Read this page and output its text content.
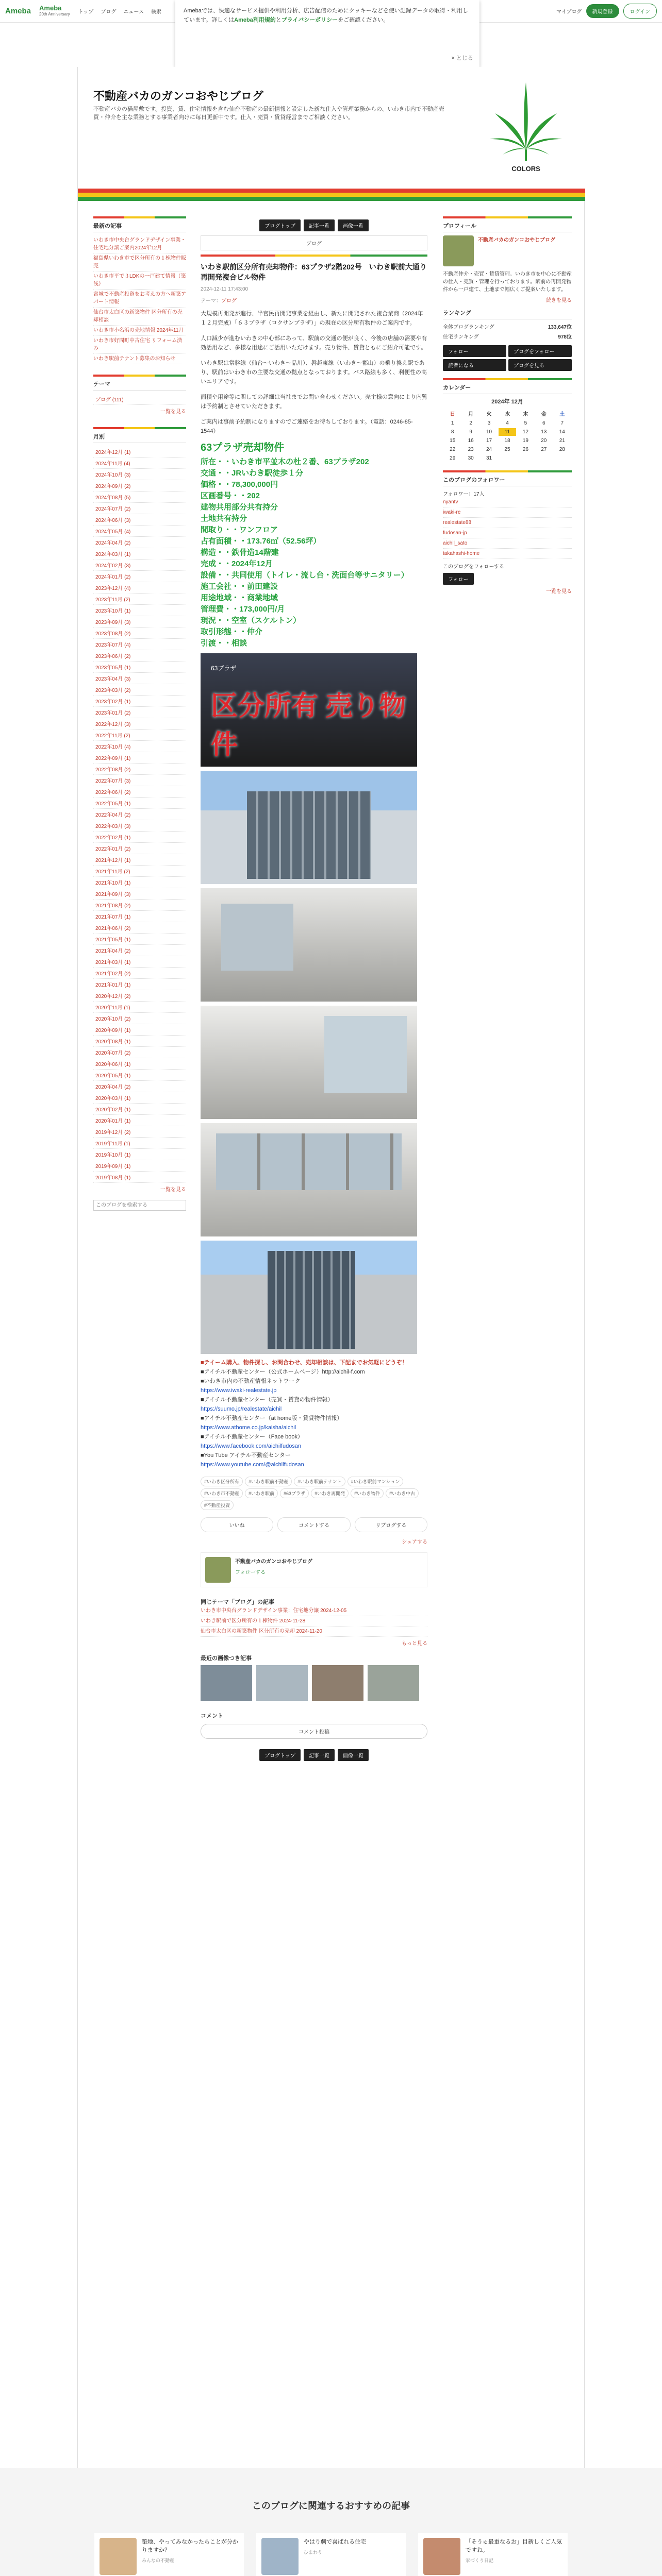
Ameba Ameba
20th Anniversary トップ ブログ ニュース 検索	マイブログ	新規登録	ログイン
Amebaでは、快適なサービス提供や利用分析、広告配信のためにクッキーなどを使い記録データの取得・利用しています。詳しくはAmeba利用規約とプライバシーポリシーをご確認ください。
× とじる
不動産バカのガンコおやじブログ
不動産バカの猫屋敷です。投資、賃、住宅情報を含む仙台不動産の最新情報と設定した新な仕入や管理業務からの、いわき市内で不動産売買・仲介を主な業務とする事業者向けに毎日更新中です。仕入・売買・賃貸経営までご相談ください。
COLORS
最新の記事
いわき市中央台グランドデザイン事業・住宅地分譲ご案内2024年12月
福島県いわき市で区分所有の１棟物件販売
いわき市平で３LDKの一戸建て情報（築浅）
宮城で不動産投資をお考えの方へ新築アパート情報
仙台市太白区の新築物件 区分所有の売却相談
いわき市小名浜の売地情報 2024年11月
いわき市好間町中古住宅 リフォーム済み
いわき駅前テナント募集のお知らせ
テーマ
ブログ (111)
一覧を見る
月別
2024年12月 (1)
2024年11月 (4)
2024年10月 (3)
2024年09月 (2)
2024年08月 (5)
2024年07月 (2)
2024年06月 (3)
2024年05月 (4)
2024年04月 (2)
2024年03月 (1)
2024年02月 (3)
2024年01月 (2)
2023年12月 (4)
2023年11月 (2)
2023年10月 (1)
2023年09月 (3)
2023年08月 (2)
2023年07月 (4)
2023年06月 (2)
2023年05月 (1)
2023年04月 (3)
2023年03月 (2)
2023年02月 (1)
2023年01月 (2)
2022年12月 (3)
2022年11月 (2)
2022年10月 (4)
2022年09月 (1)
2022年08月 (2)
2022年07月 (3)
2022年06月 (2)
2022年05月 (1)
2022年04月 (2)
2022年03月 (3)
2022年02月 (1)
2022年01月 (2)
2021年12月 (1)
2021年11月 (2)
2021年10月 (1)
2021年09月 (3)
2021年08月 (2)
2021年07月 (1)
2021年06月 (2)
2021年05月 (1)
2021年04月 (2)
2021年03月 (1)
2021年02月 (2)
2021年01月 (1)
2020年12月 (2)
2020年11月 (1)
2020年10月 (2)
2020年09月 (1)
2020年08月 (1)
2020年07月 (2)
2020年06月 (1)
2020年05月 (1)
2020年04月 (2)
2020年03月 (1)
2020年02月 (1)
2020年01月 (1)
2019年12月 (2)
2019年11月 (1)
2019年10月 (1)
2019年09月 (1)
2019年08月 (1)
一覧を見る
このブログを検索する
ブログトップ	記事一覧	画像一覧
ブログ
いわき駅前区分所有売却物件：63プラザ2階202号　いわき駅前大通り再開発複合ビル物件
2024-12-11 17:43:00
テーマ：ブログ

大規模再開発が進行、半官民再開発事業を経由し、新たに開発された複合業商（2024年１２月完成）「６３プラザ（ロクサンプラザ）」の現在の区分所有物件のご案内です。

人口減少が進むいわきの中心部にあって、駅前の交通の便が良く、今後の店舗の需要や有効活用など、多様な用途にご活用いただけます。売り物件、賃貸ともにご紹介可能です。

いわき駅は常磐線（仙台〜いわき〜品川）、磐越東線（いわき〜郡山）の乗り換え駅であり、駅前はいわき市の主要な交通の拠点となっております。バス路線も多く、利便性の高いエリアです。

面積や用途等に関しての詳細は当社までお問い合わせください。売主様の意向により内覧は予約制とさせていただきます。

ご案内は事前予約制になりますのでご連絡をお待ちしております。（電話：0246-85-1544）

63プラザ売却物件
所在・・いわき市平並木の杜２番、63プラザ202
交通・・JRいわき駅徒歩１分
価格・・78,300,000円
区画番号・・202
建物共用部分共有持分
土地共有持分
間取り・・ワンフロア
占有面積・・173.76㎡（52.56坪）
構造・・鉄骨造14階建
完成・・2024年12月
設備・・共同使用（トイレ・流し台・洗面台等サニタリー）
施工会社・・前田建設
用途地域・・商業地域
管理費・・173,000円/月
現況・・空室（スケルトン）
取引形態・・仲介
引渡・・相談
63プラザ
区分所有 売り物件
■テイーム購入、物件探し、お問合わせ、売却相談は、下記までお気軽にどうぞ！
■アイチル不動産センター（公式ホームページ）http://aichil-f.com
■いわき市内の不動産情報ネットワーク
https://www.iwaki-realestate.jp
■アイチル不動産センター（売買・賃貸の物件情報）
https://suumo.jp/realestate/aichil
■アイチル不動産センター（at home版・賃貸物件情報）
https://www.athome.co.jp/kaisha/aichil
■アイチル不動産センター（Face book）
https://www.facebook.com/aichilfudosan
■You Tube アイチル不動産センター
https://www.youtube.com/@aichilfudosan
#いわき区分所有	#いわき駅前不動産	#いわき駅前テナント	#いわき駅前マンション
#いわき市不動産	#いわき駅前	#63プラザ	#いわき再開発	#いわき物件	#いわき中古
#不動産投資
いいね	コメントする	リブログする
シェアする
不動産バカのガンコおやじブログ
フォローする
同じテーマ「ブログ」の記事
いわき市中央台グランドデザイン事業：住宅地分譲 2024-12-05
いわき駅前で区分所有の１棟物件 2024-11-28
仙台市太白区の新築物件 区分所有の売却 2024-11-20
もっと見る
最近の画像つき記事
コメント
コメント投稿
ブログトップ	記事一覧	画像一覧
プロフィール
不動産バカのガンコおやじブログ
不動産仲介・売買・賃貸管理。いわき市を中心に不動産の仕入・売買・管理を行っております。駅前の再開発物件から一戸建て、土地まで幅広くご提案いたします。
続きを見る
ランキング
全体ブログランキング	133,647位
住宅ランキング	978位
フォロー	ブログをフォロー
読者になる	ブログを見る
カレンダー
2024年 12月
日	月	火	水	木	金	土
1	2	3	4	5	6	7
8	9	10	11	12	13	14
15	16	17	18	19	20	21
22	23	24	25	26	27	28
29	30	31				
このブログのフォロワー
フォロワー：17人
nyantv
iwaki-re
realestate88
fudosan-jp
aichil_sato
takahashi-home
このブログをフォローする
フォロー
一覧を見る
このブログに関連するおすすめの記事
築地、やってみなかったらことが分かりますか？
みんなの不動産
やはり劇で喜ばれる住宅
ひまわり
「そうゅ最重なるお」目新しくご人気ですね。
家づくり日記
